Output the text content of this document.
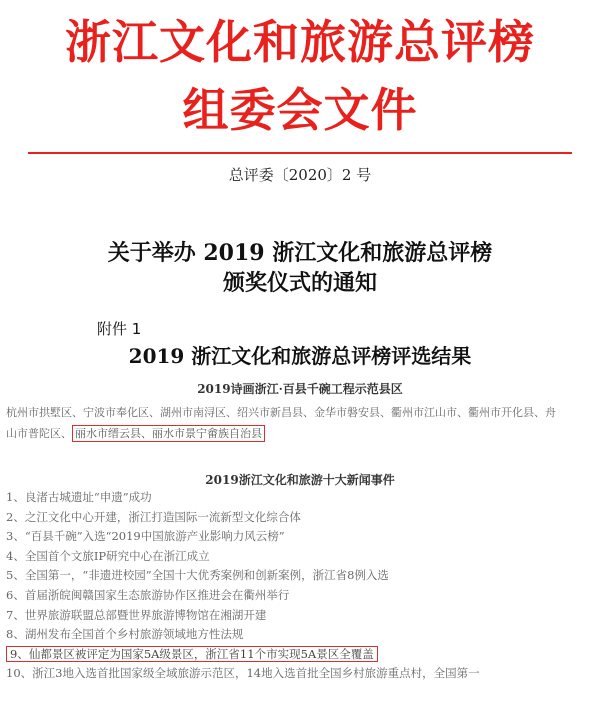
浙江文化和旅游总评榜
组委会文件
总评委〔2020〕2 号
关于举办 2019 浙江文化和旅游总评榜
颁奖仪式的通知
附件 1
2019 浙江文化和旅游总评榜评选结果
2019诗画浙江·百县千碗工程示范县区
杭州市拱墅区、宁波市奉化区、湖州市南浔区、绍兴市新昌县、金华市磐安县、衢州市江山市、衢州市开化县、舟
山市普陀区、 丽水市缙云县、丽水市景宁畲族自治县
2019浙江文化和旅游十大新闻事件
1、良渚古城遗址“申遗”成功
2、之江文化中心开建，浙江打造国际一流新型文化综合体
3、“百县千碗”入选“2019中国旅游产业影响力风云榜”
4、全国首个文旅IP研究中心在浙江成立
5、全国第一，“非遗进校园”全国十大优秀案例和创新案例，浙江省8例入选
6、首届浙皖闽赣国家生态旅游协作区推进会在衢州举行
7、世界旅游联盟总部暨世界旅游博物馆在湘湖开建
8、湖州发布全国首个乡村旅游领域地方性法规
9、仙都景区被评定为国家5A级景区，浙江省11个市实现5A景区全覆盖
10、浙江3地入选首批国家级全域旅游示范区，14地入选首批全国乡村旅游重点村，全国第一
